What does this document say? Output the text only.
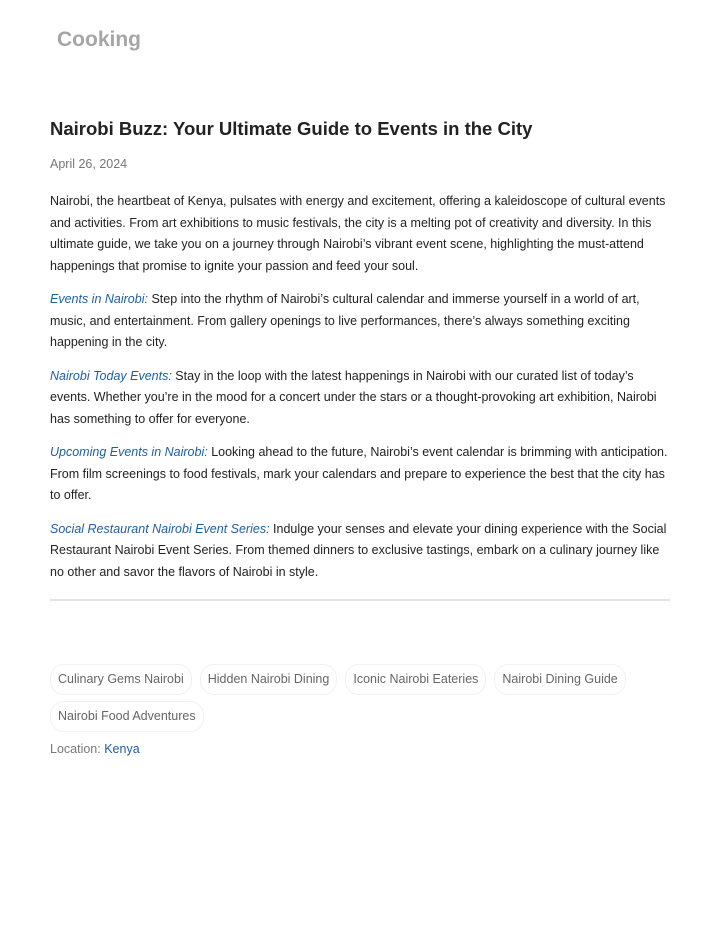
Cooking
Nairobi Buzz: Your Ultimate Guide to Events in the City
April 26, 2024

Nairobi, the heartbeat of Kenya, pulsates with energy and excitement, offering a kaleidoscope of cultural events and activities. From art exhibitions to music festivals, the city is a melting pot of creativity and diversity. In this ultimate guide, we take you on a journey through Nairobi’s vibrant event scene, highlighting the must-attend happenings that promise to ignite your passion and feed your soul.

Events in Nairobi: Step into the rhythm of Nairobi’s cultural calendar and immerse yourself in a world of art, music, and entertainment. From gallery openings to live performances, there’s always something exciting happening in the city.

Nairobi Today Events: Stay in the loop with the latest happenings in Nairobi with our curated list of today’s events. Whether you’re in the mood for a concert under the stars or a thought-provoking art exhibition, Nairobi has something to offer for everyone.

Upcoming Events in Nairobi: Looking ahead to the future, Nairobi’s event calendar is brimming with anticipation. From film screenings to food festivals, mark your calendars and prepare to experience the best that the city has to offer.

Social Restaurant Nairobi Event Series: Indulge your senses and elevate your dining experience with the Social Restaurant Nairobi Event Series. From themed dinners to exclusive tastings, embark on a culinary journey like no other and savor the flavors of Nairobi in style.

Culinary Gems Nairobi	Hidden Nairobi Dining	Iconic Nairobi Eateries	Nairobi Dining Guide
Nairobi Food Adventures
Location: Kenya
